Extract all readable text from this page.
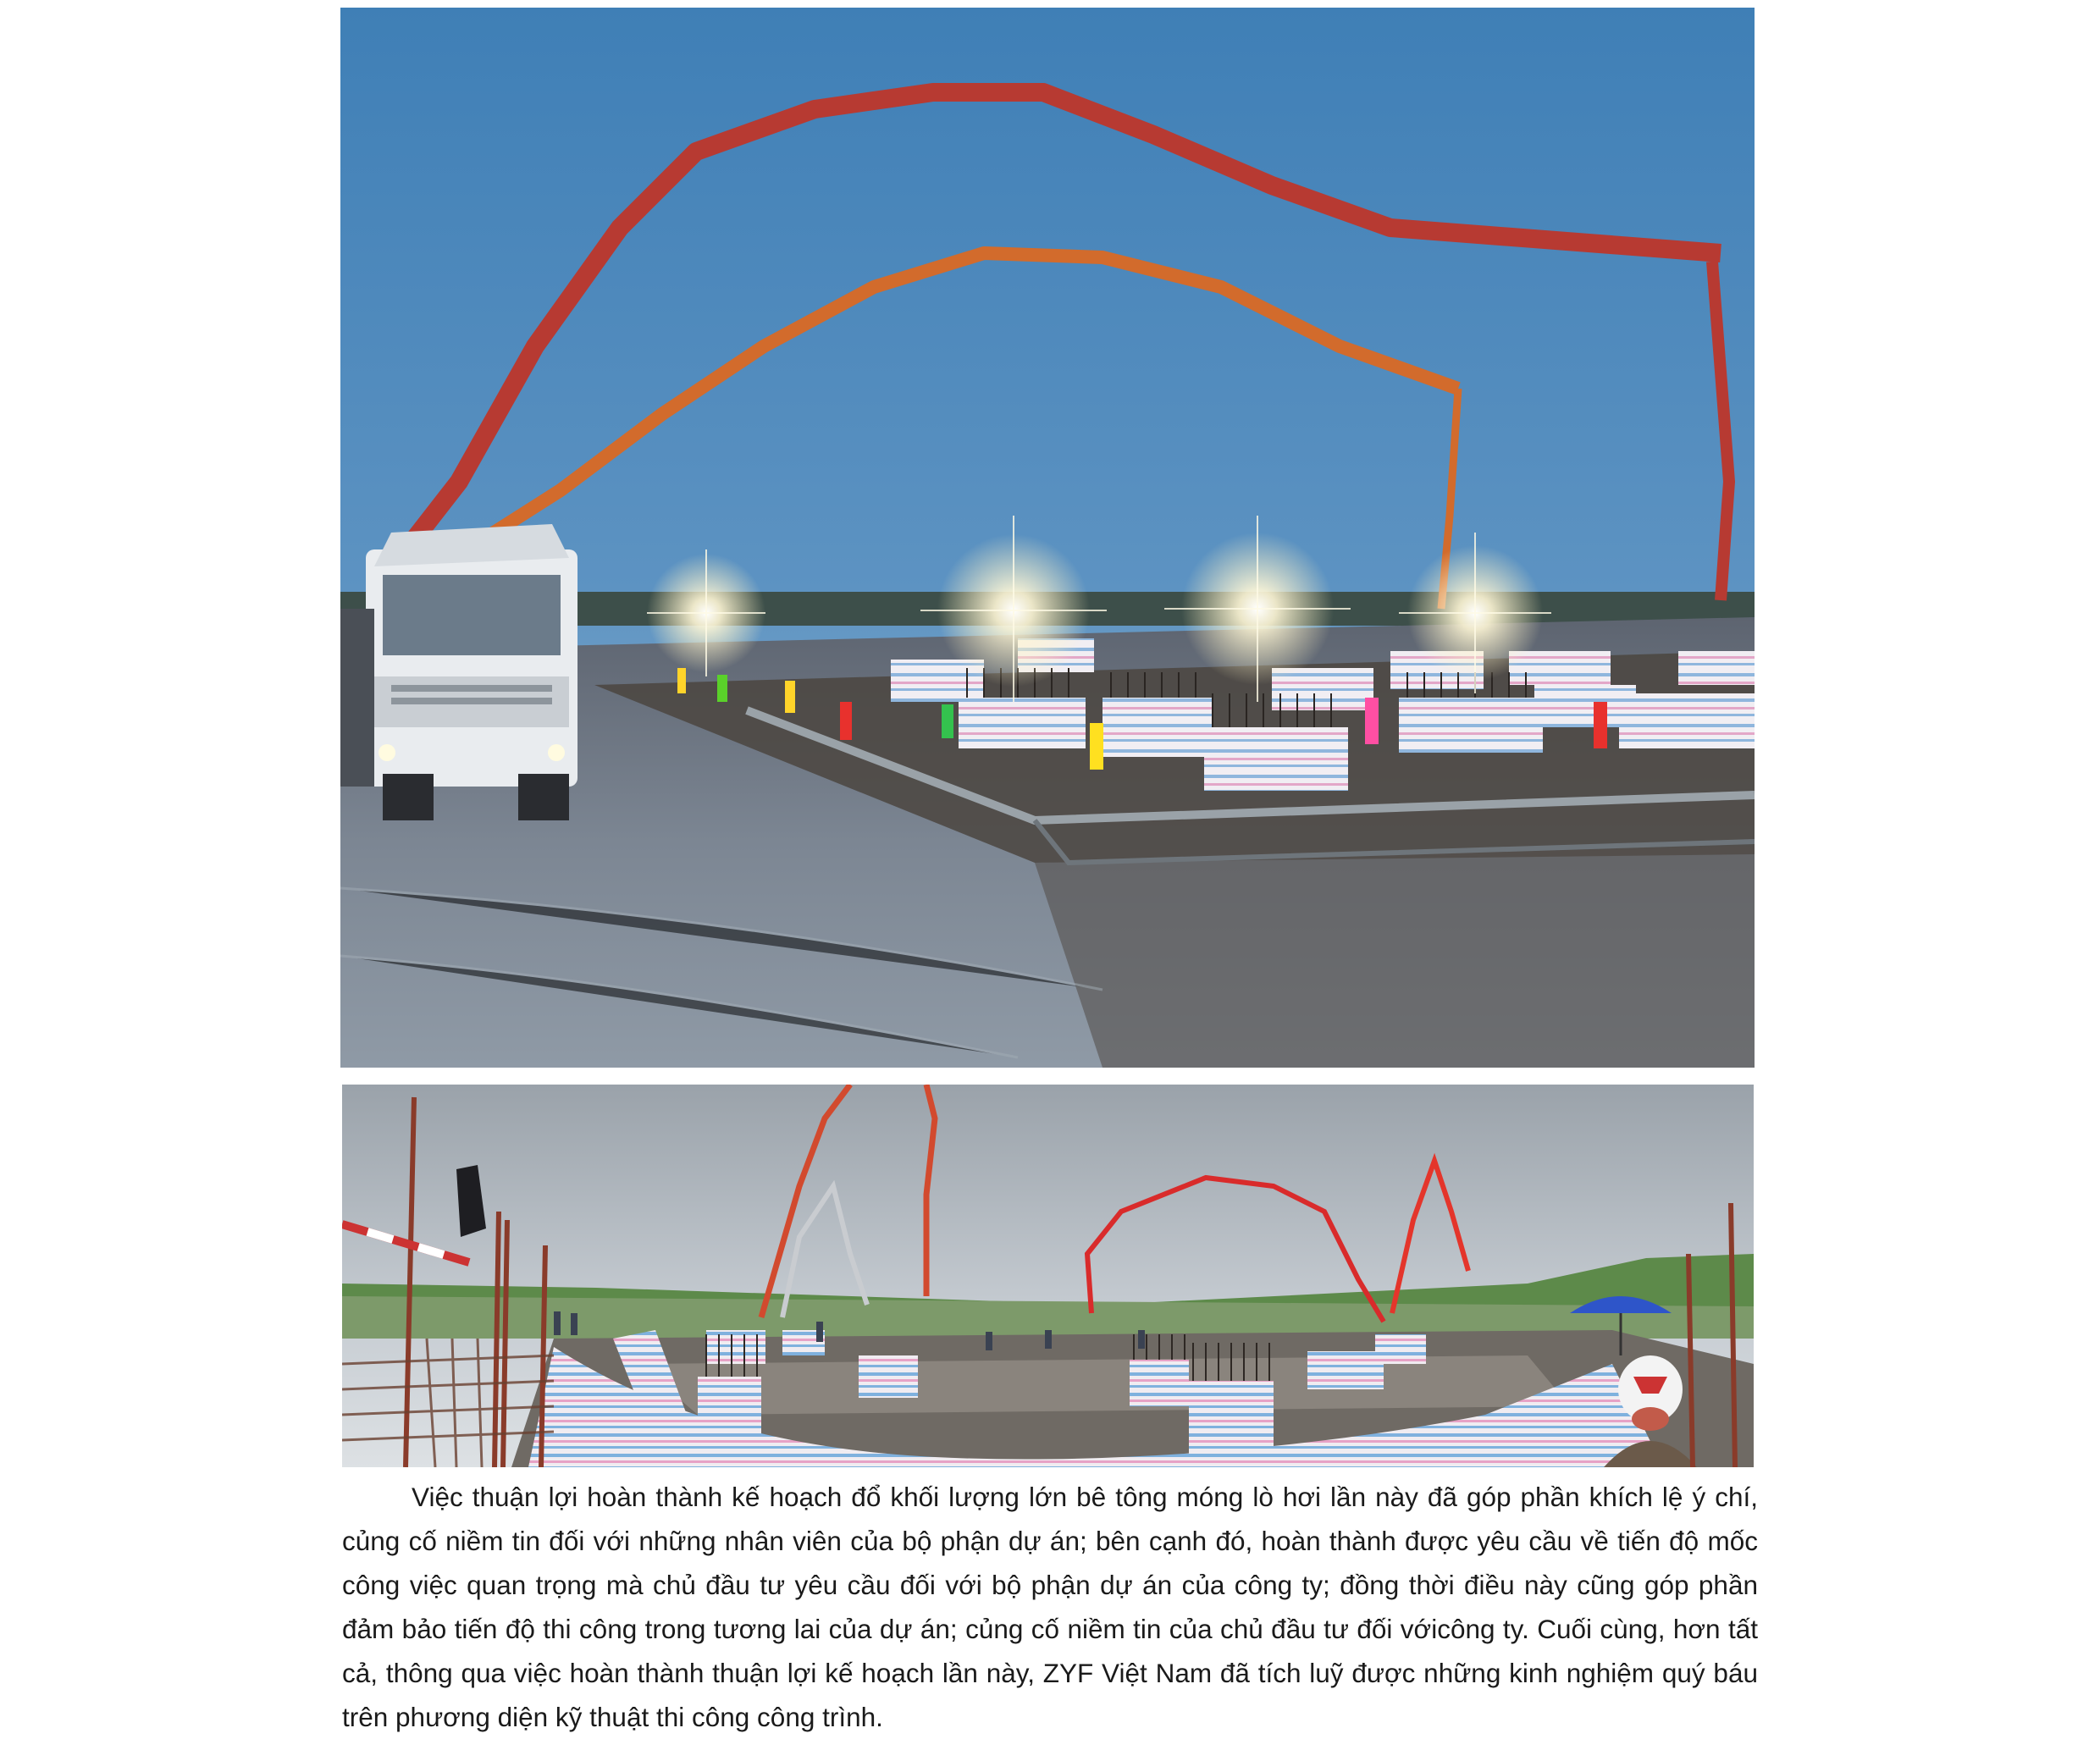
Việc thuận lợi hoàn thành kế hoạch đổ khối lượng lớn bê tông móng lò hơi lần này đã góp phần khích lệ ý chí, củng cố niềm tin đối với những nhân viên của bộ phận dự án; bên cạnh đó, hoàn thành được yêu cầu về tiến độ mốc công việc quan trọng mà chủ đầu tư yêu cầu đối với bộ phận dự án của công ty; đồng thời điều này cũng góp phần đảm bảo tiến độ thi công trong tương lai của dự án; củng cố niềm tin của chủ đầu tư đối vớicông ty. Cuối cùng, hơn tất cả, thông qua việc hoàn thành thuận lợi kế hoạch lần này, ZYF Việt Nam đã tích luỹ được những kinh nghiệm quý báu trên phương diện kỹ thuật thi công công trình.
